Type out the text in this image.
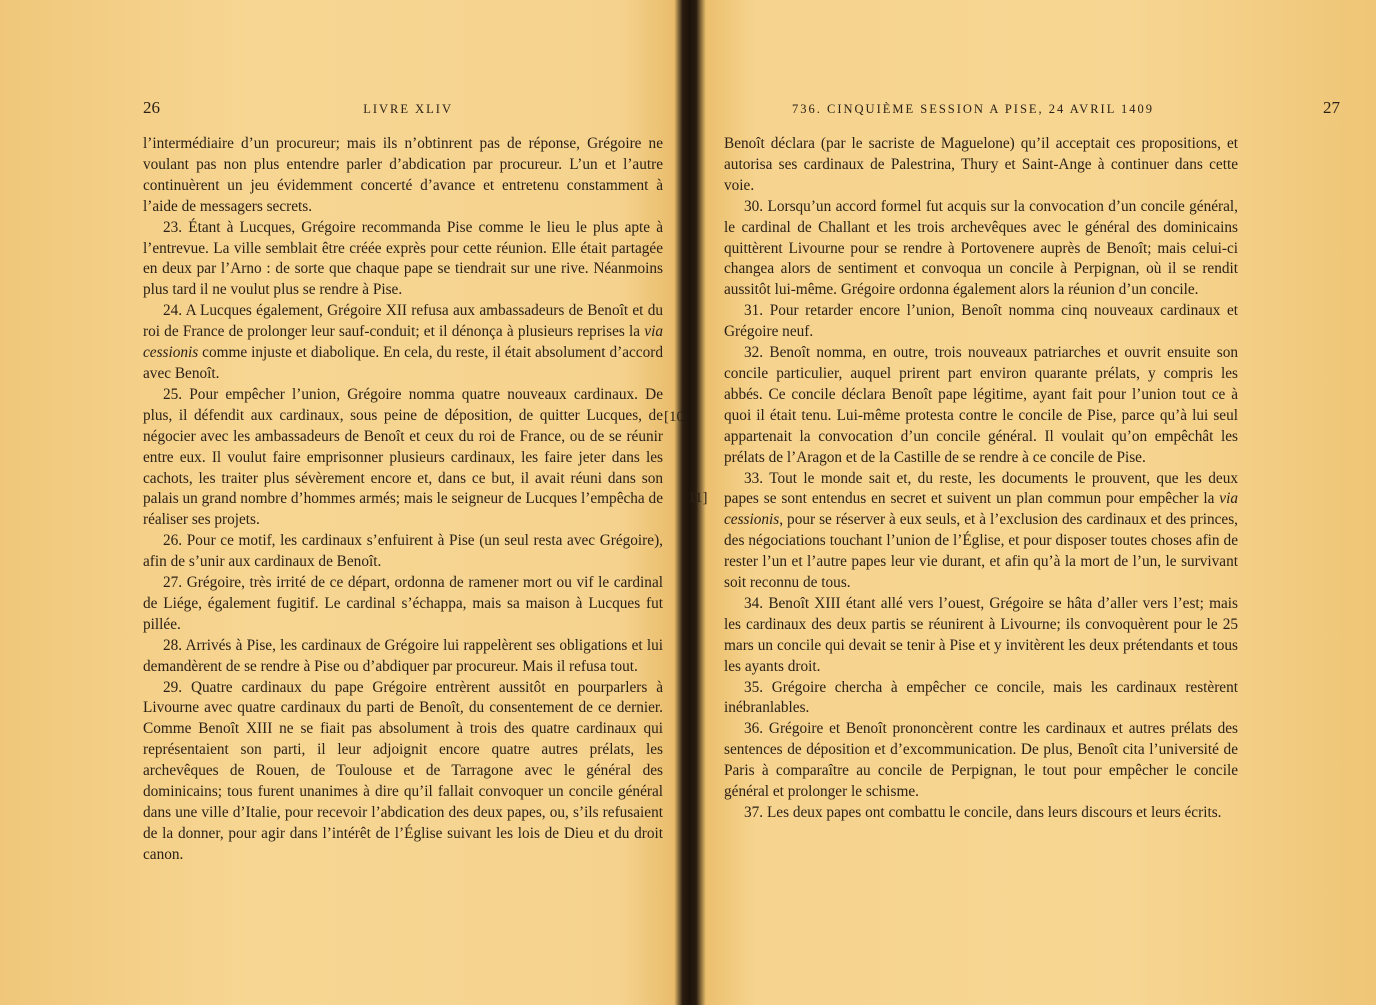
26	LIVRE XLIV

l’intermédiaire d’un procureur; mais ils n’obtinrent pas de réponse, Grégoire ne voulant pas non plus entendre parler d’abdication par procureur. L’un et l’autre continuèrent un jeu évidemment concerté d’avance et entretenu constamment à l’aide de messagers secrets.

23. Étant à Lucques, Grégoire recommanda Pise comme le lieu le plus apte à l’entrevue. La ville semblait être créée exprès pour cette réunion. Elle était partagée en deux par l’Arno : de sorte que chaque pape se tiendrait sur une rive. Néanmoins plus tard il ne voulut plus se rendre à Pise.

24. A Lucques également, Grégoire XII refusa aux ambassadeurs de Benoît et du roi de France de prolonger leur sauf-conduit; et il dénonça à plusieurs reprises la via cessionis comme injuste et diabolique. En cela, du reste, il était absolument d’accord avec Benoît.

25. Pour empêcher l’union, Grégoire nomma quatre nouveaux cardinaux. De plus, il défendit aux cardinaux, sous peine de déposition, de quitter Lucques, de négocier avec les ambassadeurs de Benoît et ceux du roi de France, ou de se réunir entre eux. Il voulut faire emprisonner plusieurs cardinaux, les faire jeter dans les cachots, les traiter plus sévèrement encore et, dans ce but, il avait réuni dans son palais un grand nombre d’hommes armés; mais le seigneur de Lucques l’empêcha de réaliser ses projets.

26. Pour ce motif, les cardinaux s’enfuirent à Pise (un seul resta avec Grégoire), afin de s’unir aux cardinaux de Benoît.

27. Grégoire, très irrité de ce départ, ordonna de ramener mort ou vif le cardinal de Liége, également fugitif. Le cardinal s’échappa, mais sa maison à Lucques fut pillée.

28. Arrivés à Pise, les cardinaux de Grégoire lui rappelèrent ses obligations et lui demandèrent de se rendre à Pise ou d’abdiquer par procureur. Mais il refusa tout.

29. Quatre cardinaux du pape Grégoire entrèrent aussitôt en pourparlers à Livourne avec quatre cardinaux du parti de Benoît, du consentement de ce dernier. Comme Benoît XIII ne se fiait pas absolument à trois des quatre cardinaux qui représentaient son parti, il leur adjoignit encore quatre autres prélats, les archevêques de Rouen, de Toulouse et de Tarragone avec le général des dominicains; tous furent unanimes à dire qu’il fallait convoquer un concile général dans une ville d’Italie, pour recevoir l’abdication des deux papes, ou, s’ils refusaient de la donner, pour agir dans l’intérêt de l’Église suivant les lois de Dieu et du droit canon.

[10
11]
736. CINQUIÈME SESSION A PISE, 24 AVRIL 1409	27

Benoît déclara (par le sacriste de Maguelone) qu’il acceptait ces propositions, et autorisa ses cardinaux de Palestrina, Thury et Saint-Ange à continuer dans cette voie.

30. Lorsqu’un accord formel fut acquis sur la convocation d’un concile général, le cardinal de Challant et les trois archevêques avec le général des dominicains quittèrent Livourne pour se rendre à Portovenere auprès de Benoît; mais celui-ci changea alors de sentiment et convoqua un concile à Perpignan, où il se rendit aussitôt lui-même. Grégoire ordonna également alors la réunion d’un concile.

31. Pour retarder encore l’union, Benoît nomma cinq nouveaux cardinaux et Grégoire neuf.

32. Benoît nomma, en outre, trois nouveaux patriarches et ouvrit ensuite son concile particulier, auquel prirent part environ quarante prélats, y compris les abbés. Ce concile déclara Benoît pape légitime, ayant fait pour l’union tout ce à quoi il était tenu. Lui-même protesta contre le concile de Pise, parce qu’à lui seul appartenait la convocation d’un concile général. Il voulait qu’on empêchât les prélats de l’Aragon et de la Castille de se rendre à ce concile de Pise.

33. Tout le monde sait et, du reste, les documents le prouvent, que les deux papes se sont entendus en secret et suivent un plan commun pour empêcher la via cessionis, pour se réserver à eux seuls, et à l’exclusion des cardinaux et des princes, des négociations touchant l’union de l’Église, et pour disposer toutes choses afin de rester l’un et l’autre papes leur vie durant, et afin qu’à la mort de l’un, le survivant soit reconnu de tous.

34. Benoît XIII étant allé vers l’ouest, Grégoire se hâta d’aller vers l’est; mais les cardinaux des deux partis se réunirent à Livourne; ils convoquèrent pour le 25 mars un concile qui devait se tenir à Pise et y invitèrent les deux prétendants et tous les ayants droit.

35. Grégoire chercha à empêcher ce concile, mais les cardinaux restèrent inébranlables.

36. Grégoire et Benoît prononcèrent contre les cardinaux et autres prélats des sentences de déposition et d’excommunication. De plus, Benoît cita l’université de Paris à comparaître au concile de Perpignan, le tout pour empêcher le concile général et prolonger le schisme.

37. Les deux papes ont combattu le concile, dans leurs discours et leurs écrits.
